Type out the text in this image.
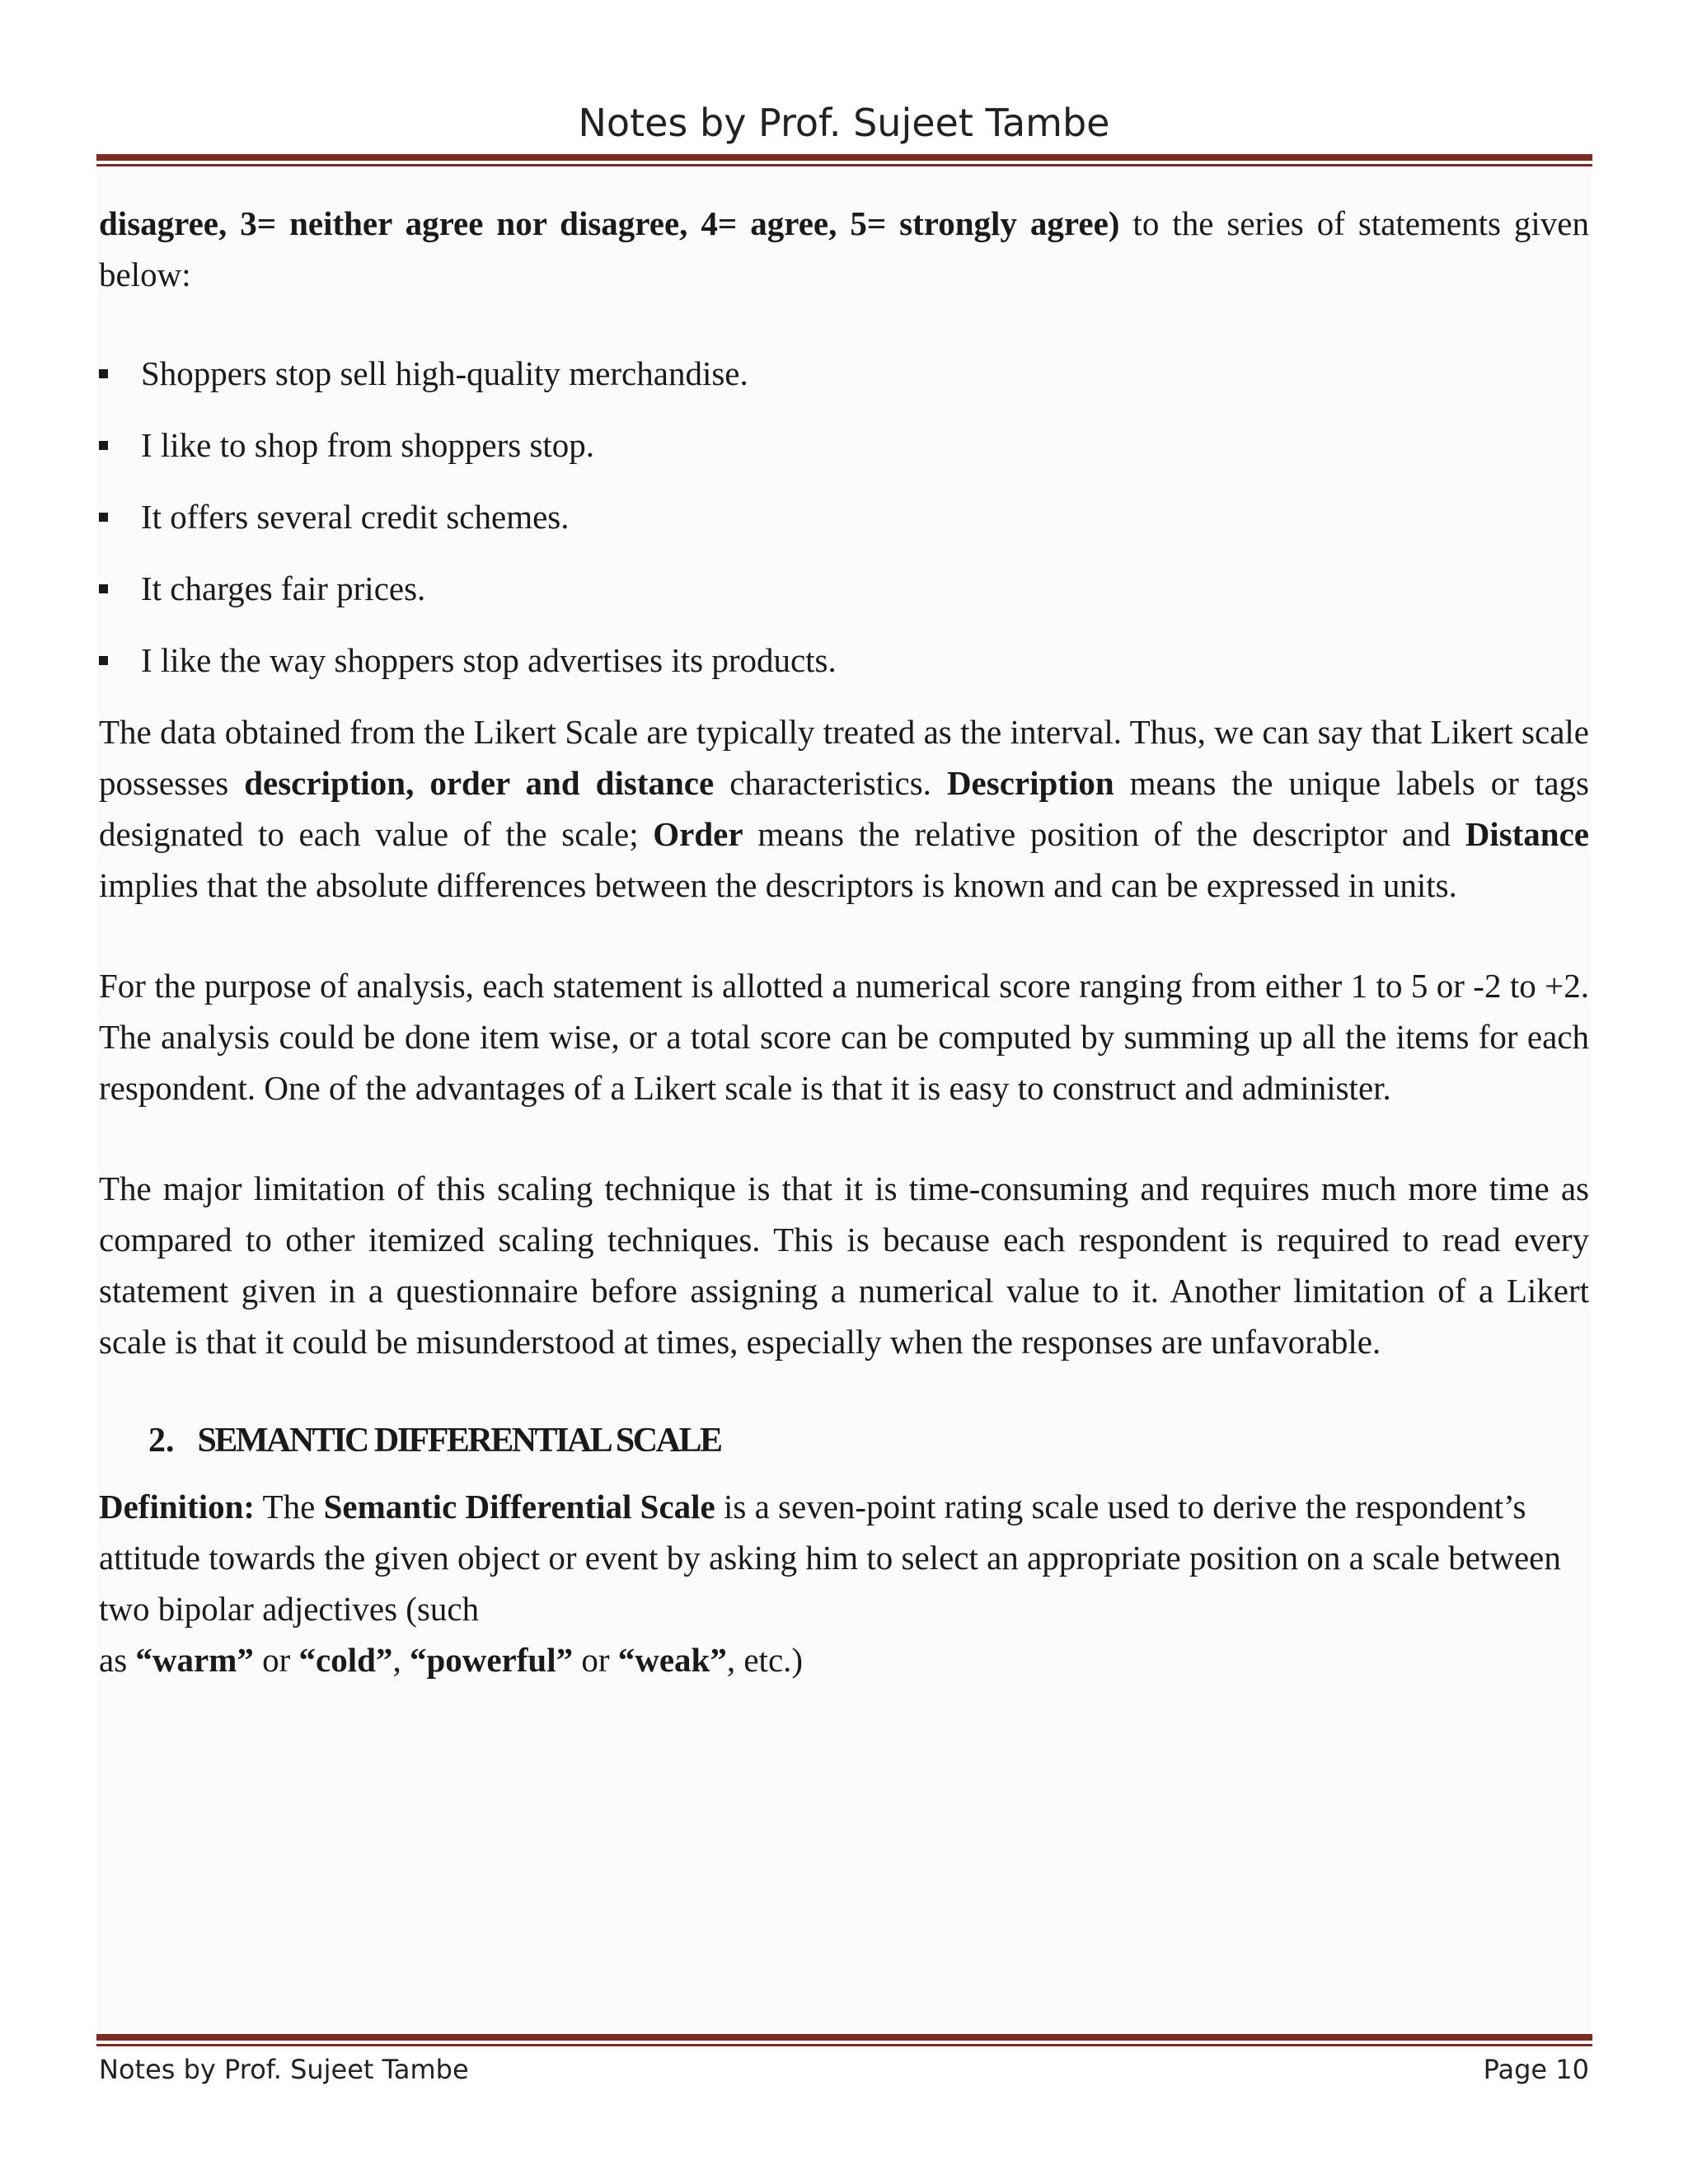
Notes by Prof. Sujeet Tambe

disagree, 3= neither agree nor disagree, 4= agree, 5= strongly agree) to the series of statements given below:

Shoppers stop sell high-quality merchandise.
I like to shop from shoppers stop.
It offers several credit schemes.
It charges fair prices.
I like the way shoppers stop advertises its products.

The data obtained from the Likert Scale are typically treated as the interval. Thus, we can say that Likert scale possesses description, order and distance characteristics. Description means the unique labels or tags designated to each value of the scale; Order means the relative position of the descriptor and Distance implies that the absolute differences between the descriptors is known and can be expressed in units.

For the purpose of analysis, each statement is allotted a numerical score ranging from either 1 to 5 or -2 to +2. The analysis could be done item wise, or a total score can be computed by summing up all the items for each respondent. One of the advantages of a Likert scale is that it is easy to construct and administer.

The major limitation of this scaling technique is that it is time-consuming and requires much more time as compared to other itemized scaling techniques. This is because each respondent is required to read every statement given in a questionnaire before assigning a numerical value to it. Another limitation of a Likert scale is that it could be misunderstood at times, especially when the responses are unfavorable.

2. SEMANTIC DIFFERENTIAL SCALE

Definition: The Semantic Differential Scale is a seven-point rating scale used to derive the respondent’s attitude towards the given object or event by asking him to select an appropriate position on a scale between two bipolar adjectives (such
as “warm” or “cold”, “powerful” or “weak”, etc.)

Notes by Prof. Sujeet Tambe	Page 10
